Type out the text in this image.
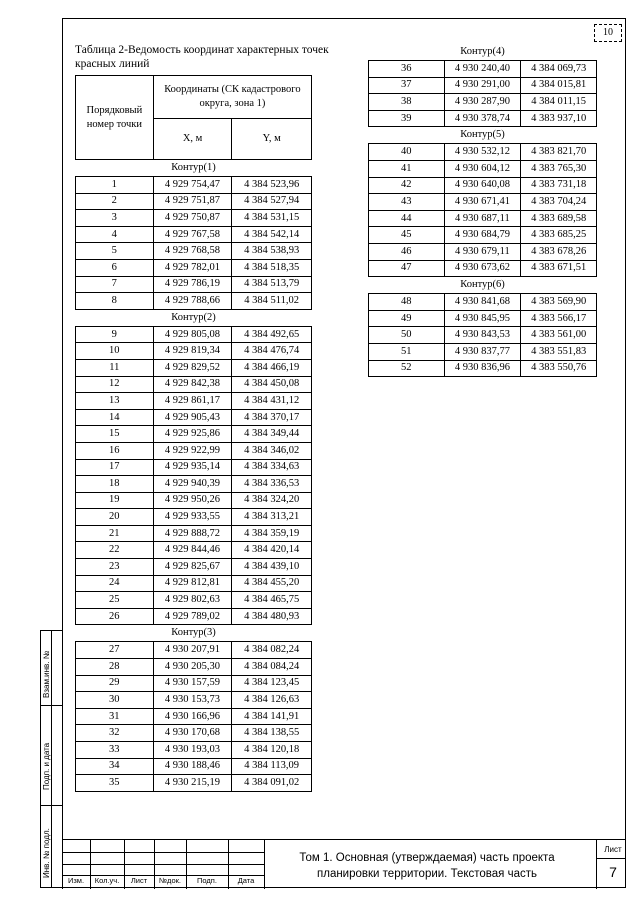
10
Таблица 2-Ведомость координат характерных точек красных линий
Порядковый номер точки	Координаты (СК кадастрового округа, зона 1)	
	X, м	Y, м
Контур(1)
1	4 929 754,47	4 384 523,96
2	4 929 751,87	4 384 527,94
3	4 929 750,87	4 384 531,15
4	4 929 767,58	4 384 542,14
5	4 929 768,58	4 384 538,93
6	4 929 782,01	4 384 518,35
7	4 929 786,19	4 384 513,79
8	4 929 788,66	4 384 511,02
Контур(2)
9	4 929 805,08	4 384 492,65
10	4 929 819,34	4 384 476,74
11	4 929 829,52	4 384 466,19
12	4 929 842,38	4 384 450,08
13	4 929 861,17	4 384 431,12
14	4 929 905,43	4 384 370,17
15	4 929 925,86	4 384 349,44
16	4 929 922,99	4 384 346,02
17	4 929 935,14	4 384 334,63
18	4 929 940,39	4 384 336,53
19	4 929 950,26	4 384 324,20
20	4 929 933,55	4 384 313,21
21	4 929 888,72	4 384 359,19
22	4 929 844,46	4 384 420,14
23	4 929 825,67	4 384 439,10
24	4 929 812,81	4 384 455,20
25	4 929 802,63	4 384 465,75
26	4 929 789,02	4 384 480,93
Контур(3)
27	4 930 207,91	4 384 082,24
28	4 930 205,30	4 384 084,24
29	4 930 157,59	4 384 123,45
30	4 930 153,73	4 384 126,63
31	4 930 166,96	4 384 141,91
32	4 930 170,68	4 384 138,55
33	4 930 193,03	4 384 120,18
34	4 930 188,46	4 384 113,09
35	4 930 215,19	4 384 091,02
Контур(4)
36	4 930 240,40	4 384 069,73
37	4 930 291,00	4 384 015,81
38	4 930 287,90	4 384 011,15
39	4 930 378,74	4 383 937,10
Контур(5)
40	4 930 532,12	4 383 821,70
41	4 930 604,12	4 383 765,30
42	4 930 640,08	4 383 731,18
43	4 930 671,41	4 383 704,24
44	4 930 687,11	4 383 689,58
45	4 930 684,79	4 383 685,25
46	4 930 679,11	4 383 678,26
47	4 930 673,62	4 383 671,51
Контур(6)
48	4 930 841,68	4 383 569,90
49	4 930 845,95	4 383 566,17
50	4 930 843,53	4 383 561,00
51	4 930 837,77	4 383 551,83
52	4 930 836,96	4 383 550,76
Взам.инв. №
Подп. и дата
Инв. № подл.
Изм.	Кол.уч.	Лист	№док.	Подп.	Дата
Том 1. Основная (утверждаемая) часть проекта планировки территории. Текстовая часть
Лист
7
